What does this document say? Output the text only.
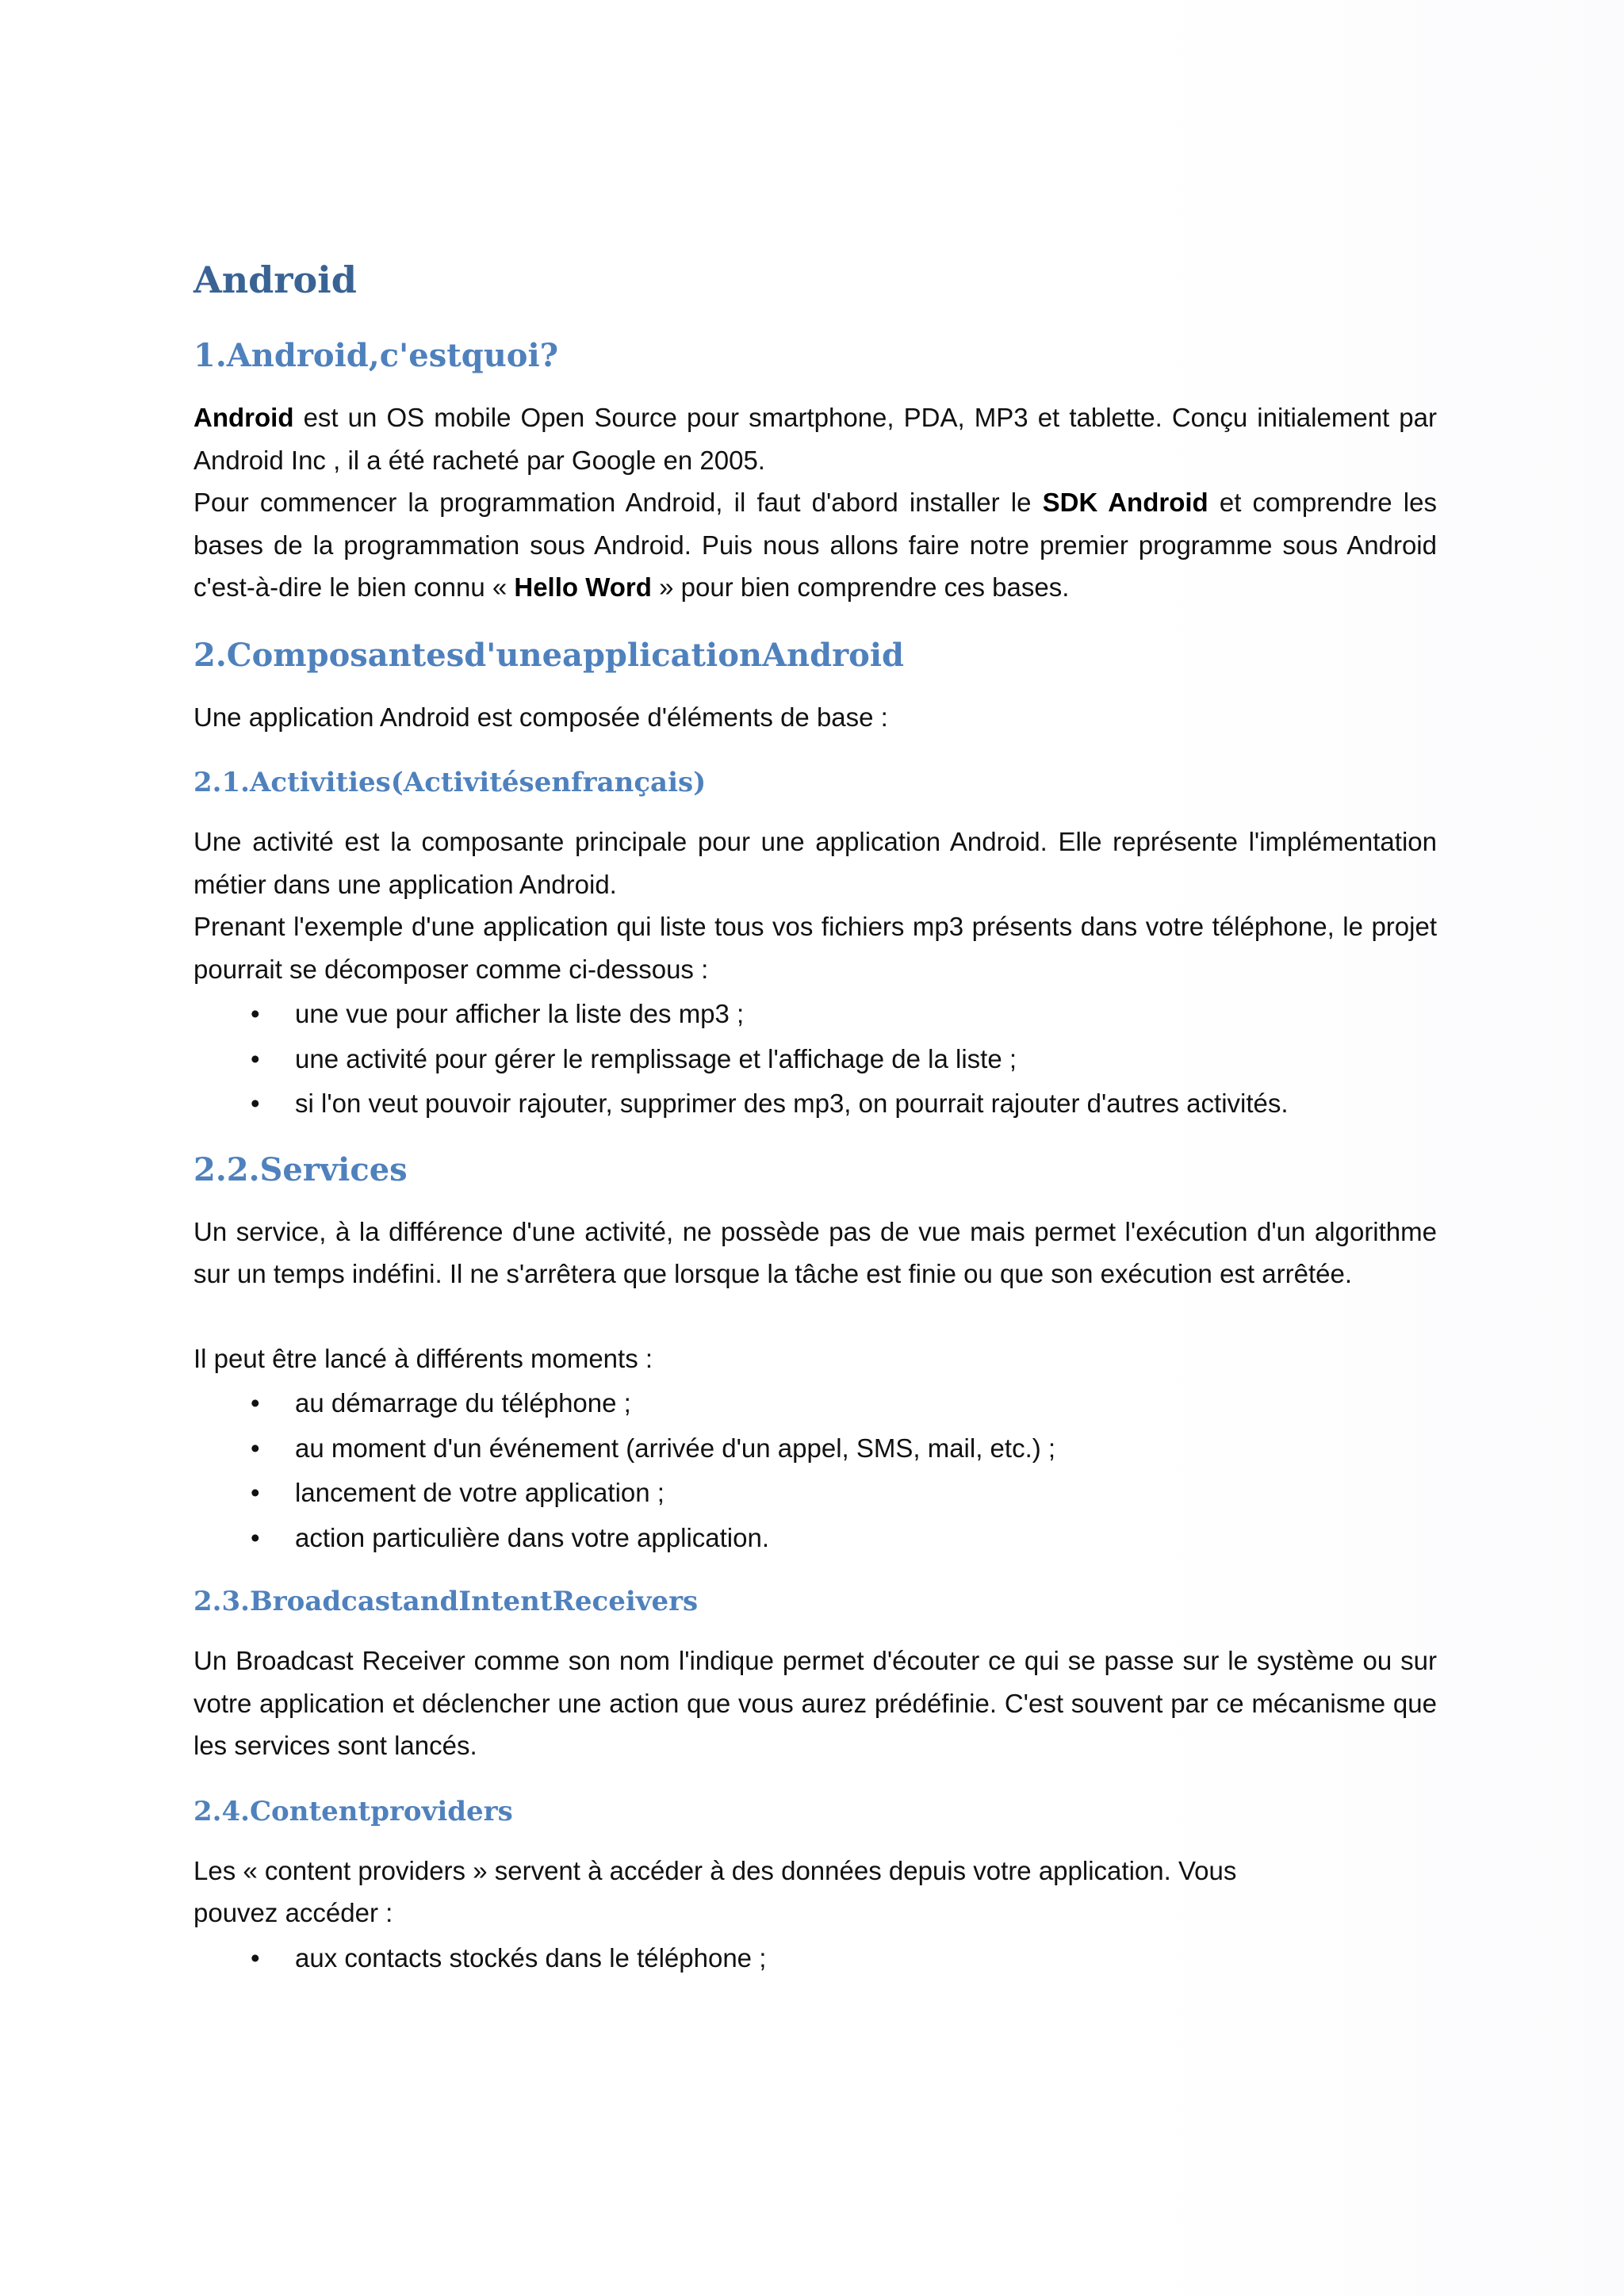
Android
1.Android,c'estquoi?

Android est un OS mobile Open Source pour smartphone, PDA, MP3 et tablette. Conçu initialement par Android Inc , il a été racheté par Google en 2005.

Pour commencer la programmation Android, il faut d'abord installer le SDK Android et comprendre les bases de la programmation sous Android. Puis nous allons faire notre premier programme sous Android c'est-à-dire le bien connu « Hello Word » pour bien comprendre ces bases.

2.Composantesd'uneapplicationAndroid

Une application Android est composée d'éléments de base :

2.1.Activities(Activitésenfrançais)

Une activité est la composante principale pour une application Android. Elle représente l'implémentation métier dans une application Android.

Prenant l'exemple d'une application qui liste tous vos fichiers mp3 présents dans votre téléphone, le projet pourrait se décomposer comme ci-dessous :

• une vue pour afficher la liste des mp3 ;
• une activité pour gérer le remplissage et l'affichage de la liste ;
• si l'on veut pouvoir rajouter, supprimer des mp3, on pourrait rajouter d'autres activités.
2.2.Services

Un service, à la différence d'une activité, ne possède pas de vue mais permet l'exécution d'un algorithme sur un temps indéfini. Il ne s'arrêtera que lorsque la tâche est finie ou que son exécution est arrêtée.

Il peut être lancé à différents moments :

• au démarrage du téléphone ;
• au moment d'un événement (arrivée d'un appel, SMS, mail, etc.) ;
• lancement de votre application ;
• action particulière dans votre application.
2.3.BroadcastandIntentReceivers

Un Broadcast Receiver comme son nom l'indique permet d'écouter ce qui se passe sur le système ou sur votre application et déclencher une action que vous aurez prédéfinie. C'est souvent par ce mécanisme que les services sont lancés.

2.4.Contentproviders

Les « content providers » servent à accéder à des données depuis votre application. Vous

pouvez accéder :

• aux contacts stockés dans le téléphone ;
